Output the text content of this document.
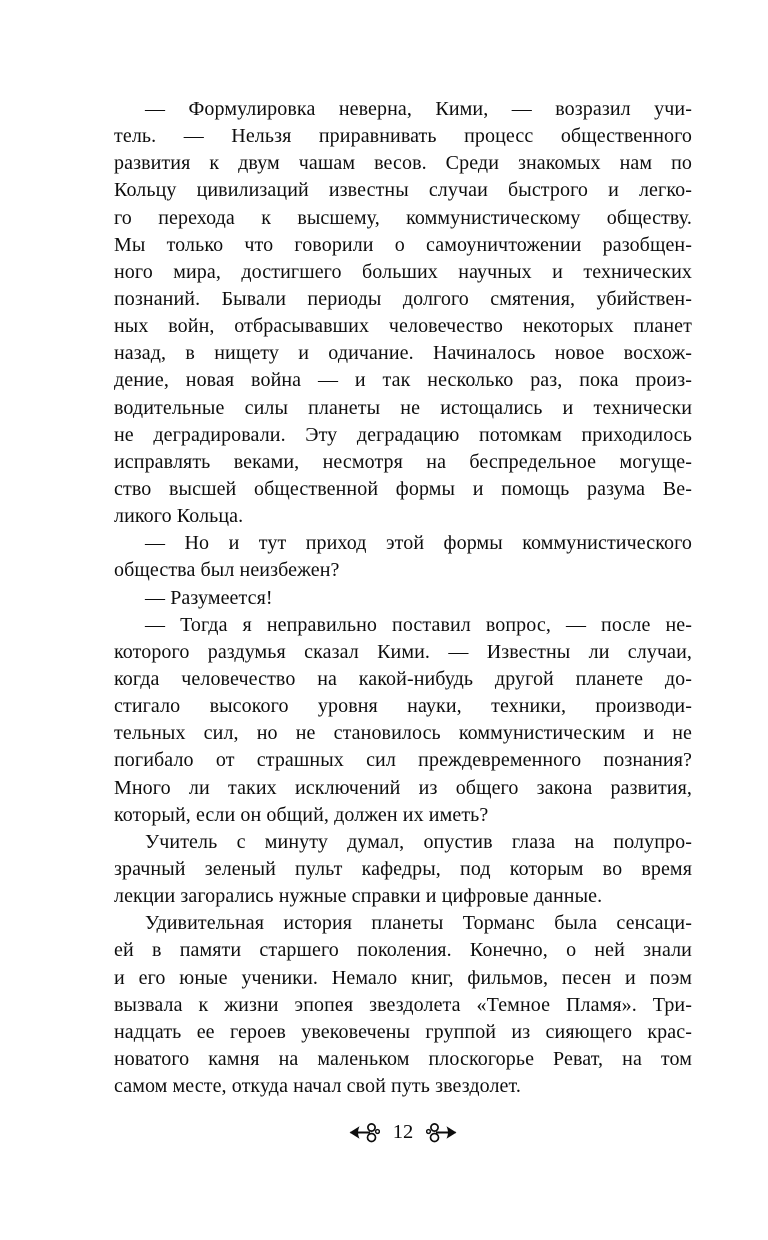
— Формулировка неверна, Кими, — возразил учи-
тель. — Нельзя приравнивать процесс общественного
развития к двум чашам весов. Среди знакомых нам по
Кольцу цивилизаций известны случаи быстрого и легко-
го перехода к высшему, коммунистическому обществу.
Мы только что говорили о самоуничтожении разобщен-
ного мира, достигшего больших научных и технических
познаний. Бывали периоды долгого смятения, убийствен-
ных войн, отбрасывавших человечество некоторых планет
назад, в нищету и одичание. Начиналось новое восхож-
дение, новая война — и так несколько раз, пока произ-
водительные силы планеты не истощались и технически
не деградировали. Эту деградацию потомкам приходилось
исправлять веками, несмотря на беспредельное могуще-
ство высшей общественной формы и помощь разума Ве-
ликого Кольца.
— Но и тут приход этой формы коммунистического
общества был неизбежен?
— Разумеется!
— Тогда я неправильно поставил вопрос, — после не-
которого раздумья сказал Кими. — Известны ли случаи,
когда человечество на какой-нибудь другой планете до-
стигало высокого уровня науки, техники, производи-
тельных сил, но не становилось коммунистическим и не
погибало от страшных сил преждевременного познания?
Много ли таких исключений из общего закона развития,
который, если он общий, должен их иметь?
Учитель с минуту думал, опустив глаза на полупро-
зрачный зеленый пульт кафедры, под которым во время
лекции загорались нужные справки и цифровые данные.
Удивительная история планеты Торманс была сенсаци-
ей в памяти старшего поколения. Конечно, о ней знали
и его юные ученики. Немало книг, фильмов, песен и поэм
вызвала к жизни эпопея звездолета «Темное Пламя». Три-
надцать ее героев увековечены группой из сияющего крас-
новатого камня на маленьком плоскогорье Реват, на том
самом месте, откуда начал свой путь звездолет.
12
